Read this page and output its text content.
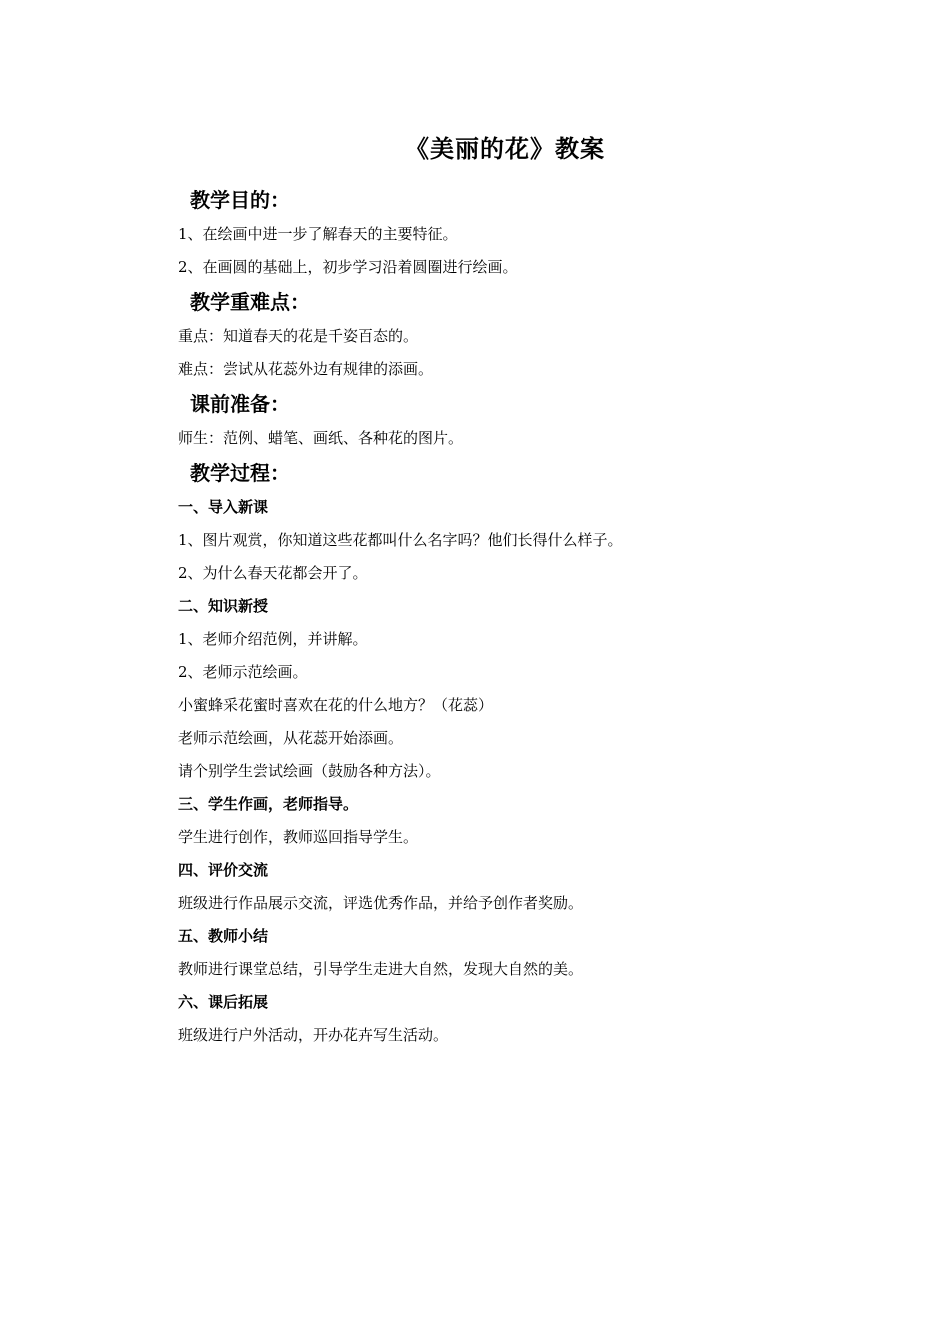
《美丽的花》教案
教学目的：
1、在绘画中进一步了解春天的主要特征。
2、在画圆的基础上，初步学习沿着圆圈进行绘画。
教学重难点：
重点：知道春天的花是千姿百态的。
难点：尝试从花蕊外边有规律的添画。
课前准备：
师生：范例、蜡笔、画纸、各种花的图片。
教学过程：
一、导入新课
1、图片观赏，你知道这些花都叫什么名字吗？他们长得什么样子。
2、为什么春天花都会开了。
二、知识新授
1、老师介绍范例，并讲解。
2、老师示范绘画。
小蜜蜂采花蜜时喜欢在花的什么地方？（花蕊）
老师示范绘画，从花蕊开始添画。
请个别学生尝试绘画（鼓励各种方法）。
三、学生作画，老师指导。
学生进行创作，教师巡回指导学生。
四、评价交流
班级进行作品展示交流，评选优秀作品，并给予创作者奖励。
五、教师小结
教师进行课堂总结，引导学生走进大自然，发现大自然的美。
六、课后拓展
班级进行户外活动，开办花卉写生活动。
